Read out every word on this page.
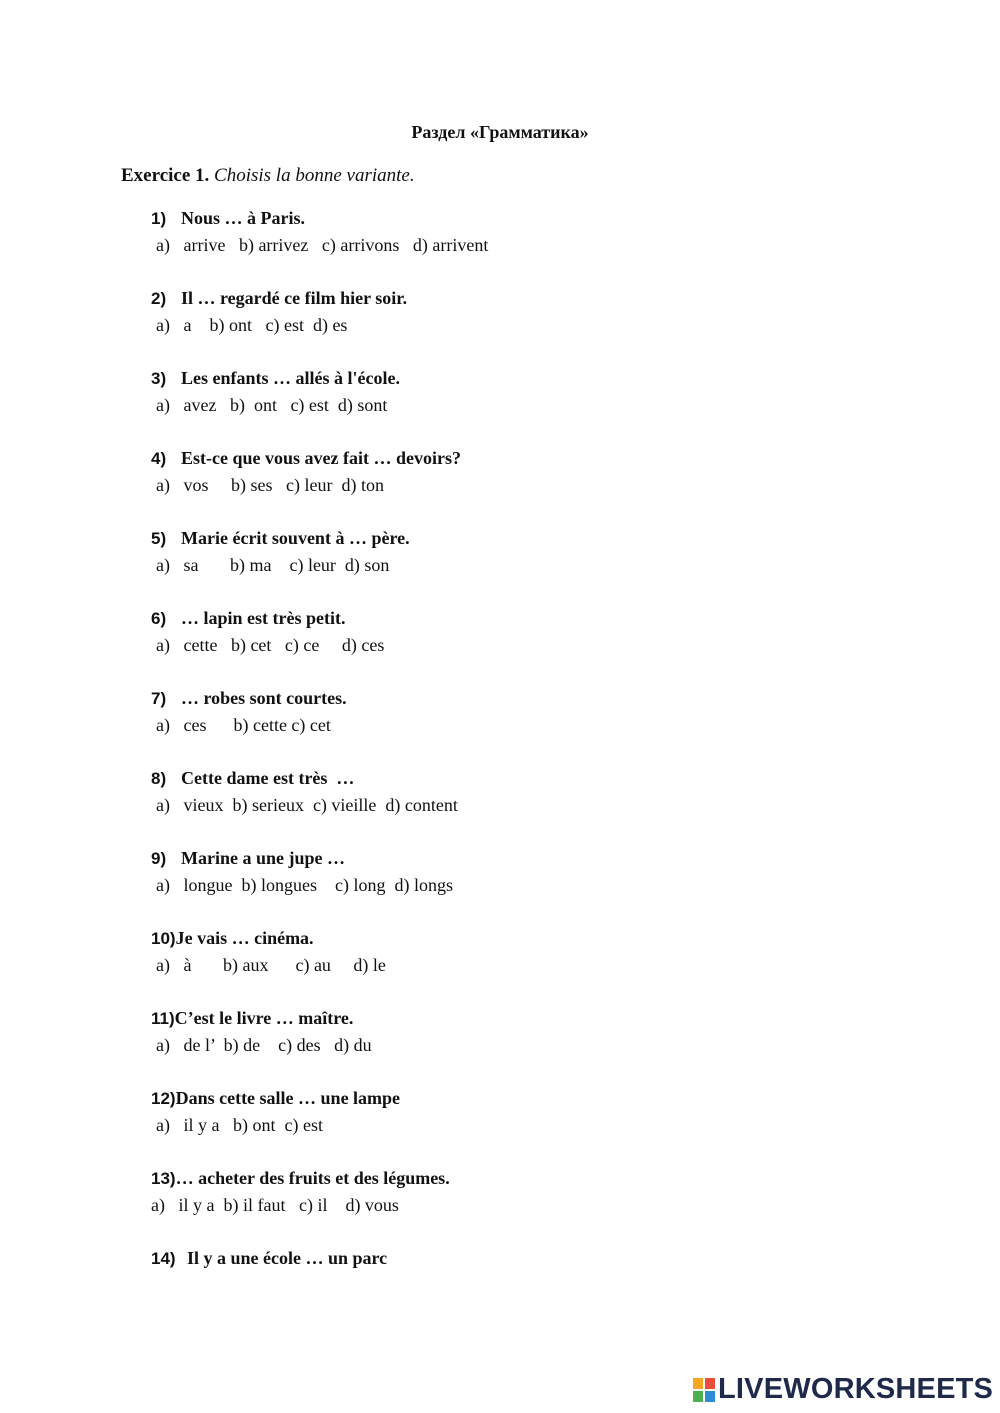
Раздел «Грамматика»
Exercice 1. Choisis la bonne variante.
1) Nous … à Paris.
a)   arrive   b) arrivez   c) arrivons   d) arrivent
2) Il … regardé ce film hier soir.
a)   a    b) ont   c) est  d) es
3) Les enfants … allés à l'école.
a)   avez   b)  ont   c) est  d) sont
4) Est-ce que vous avez fait … devoirs?
a)   vos     b) ses   c) leur  d) ton
5) Marie écrit souvent à … père.
a)   sa       b) ma    c) leur  d) son
6) … lapin est très petit.
a)   cette   b) cet   c) ce     d) ces
7) … robes sont courtes.
a)   ces      b) cette c) cet
8) Cette dame est très  …
a)   vieux  b) serieux  c) vieille  d) content
9) Marine a une jupe …
a)   longue  b) longues    c) long  d) longs
10) Je vais … cinéma.
a)   à       b) aux      c) au     d) le
11) C’est le livre … maître.
a)   de l’  b) de    c) des   d) du
12) Dans cette salle … une lampe
a)   il y a   b) ont  c) est
13) … acheter des fruits et des légumes.
a)   il y a  b) il faut   c) il    d) vous
14) Il y a une école … un parc
LIVEWORKSHEETS
